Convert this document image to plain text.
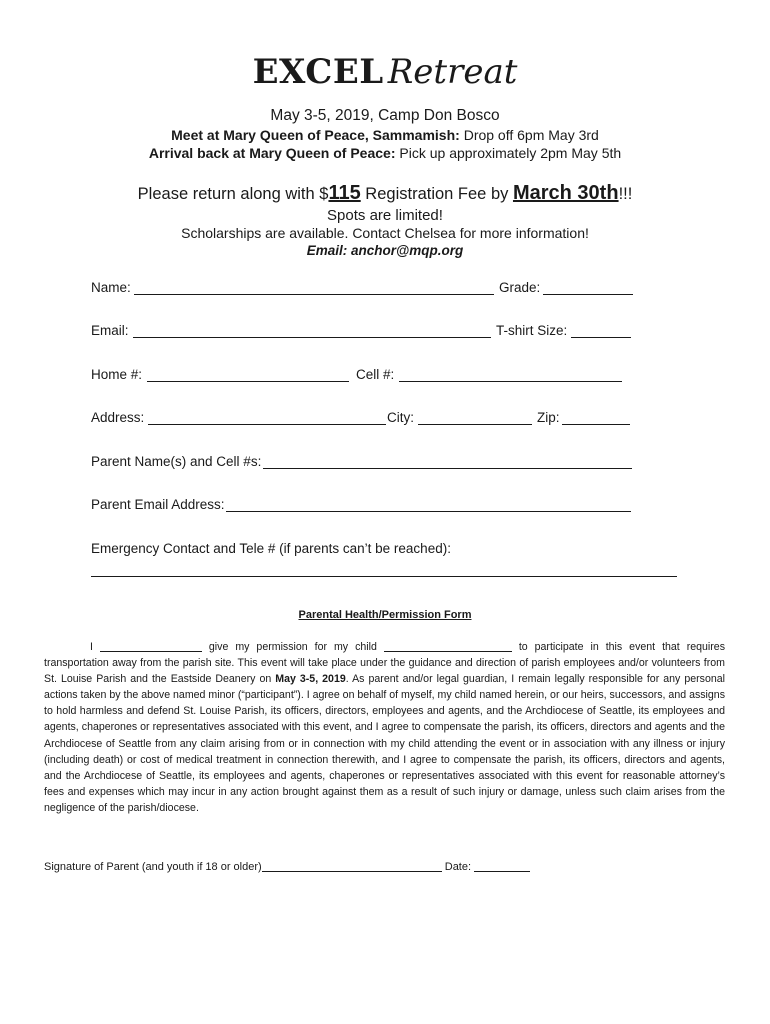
EXCEL Retreat
May 3-5, 2019, Camp Don Bosco
Meet at Mary Queen of Peace, Sammamish: Drop off 6pm May 3rd
Arrival back at Mary Queen of Peace: Pick up approximately 2pm May 5th
Please return along with $115 Registration Fee by March 30th!!!
Spots are limited!
Scholarships are available. Contact Chelsea for more information!
Email: anchor@mqp.org
Name:	Grade:
Email:	T-shirt Size:
Home #:	Cell #:
Address:	City:	Zip:
Parent Name(s) and Cell #s:
Parent Email Address:
Emergency Contact and Tele # (if parents can’t be reached):
Parental Health/Permission Form
I	give my permission for my child	to participate in this event that requires transportation away from the parish site. This event will take place under the guidance and direction of parish employees and/or volunteers from St. Louise Parish and the Eastside Deanery on May 3-5, 2019. As parent and/or legal guardian, I remain legally responsible for any personal actions taken by the above named minor (“participant”). I agree on behalf of myself, my child named herein, or our heirs, successors, and assigns to hold harmless and defend St. Louise Parish, its officers, directors, employees and agents, and the Archdiocese of Seattle, its employees and agents, chaperones or representatives associated with this event, and I agree to compensate the parish, its officers, directors and agents and the Archdiocese of Seattle from any claim arising from or in connection with my child attending the event or in association with any illness or injury (including death) or cost of medical treatment in connection therewith, and I agree to compensate the parish, its officers, directors and agents, and the Archdiocese of Seattle, its employees and agents, chaperones or representatives associated with this event for reasonable attorney’s fees and expenses which may incur in any action brought against them as a result of such injury or damage, unless such claim arises from the negligence of the parish/diocese.
Signature of Parent (and youth if 18 or older)	Date:
